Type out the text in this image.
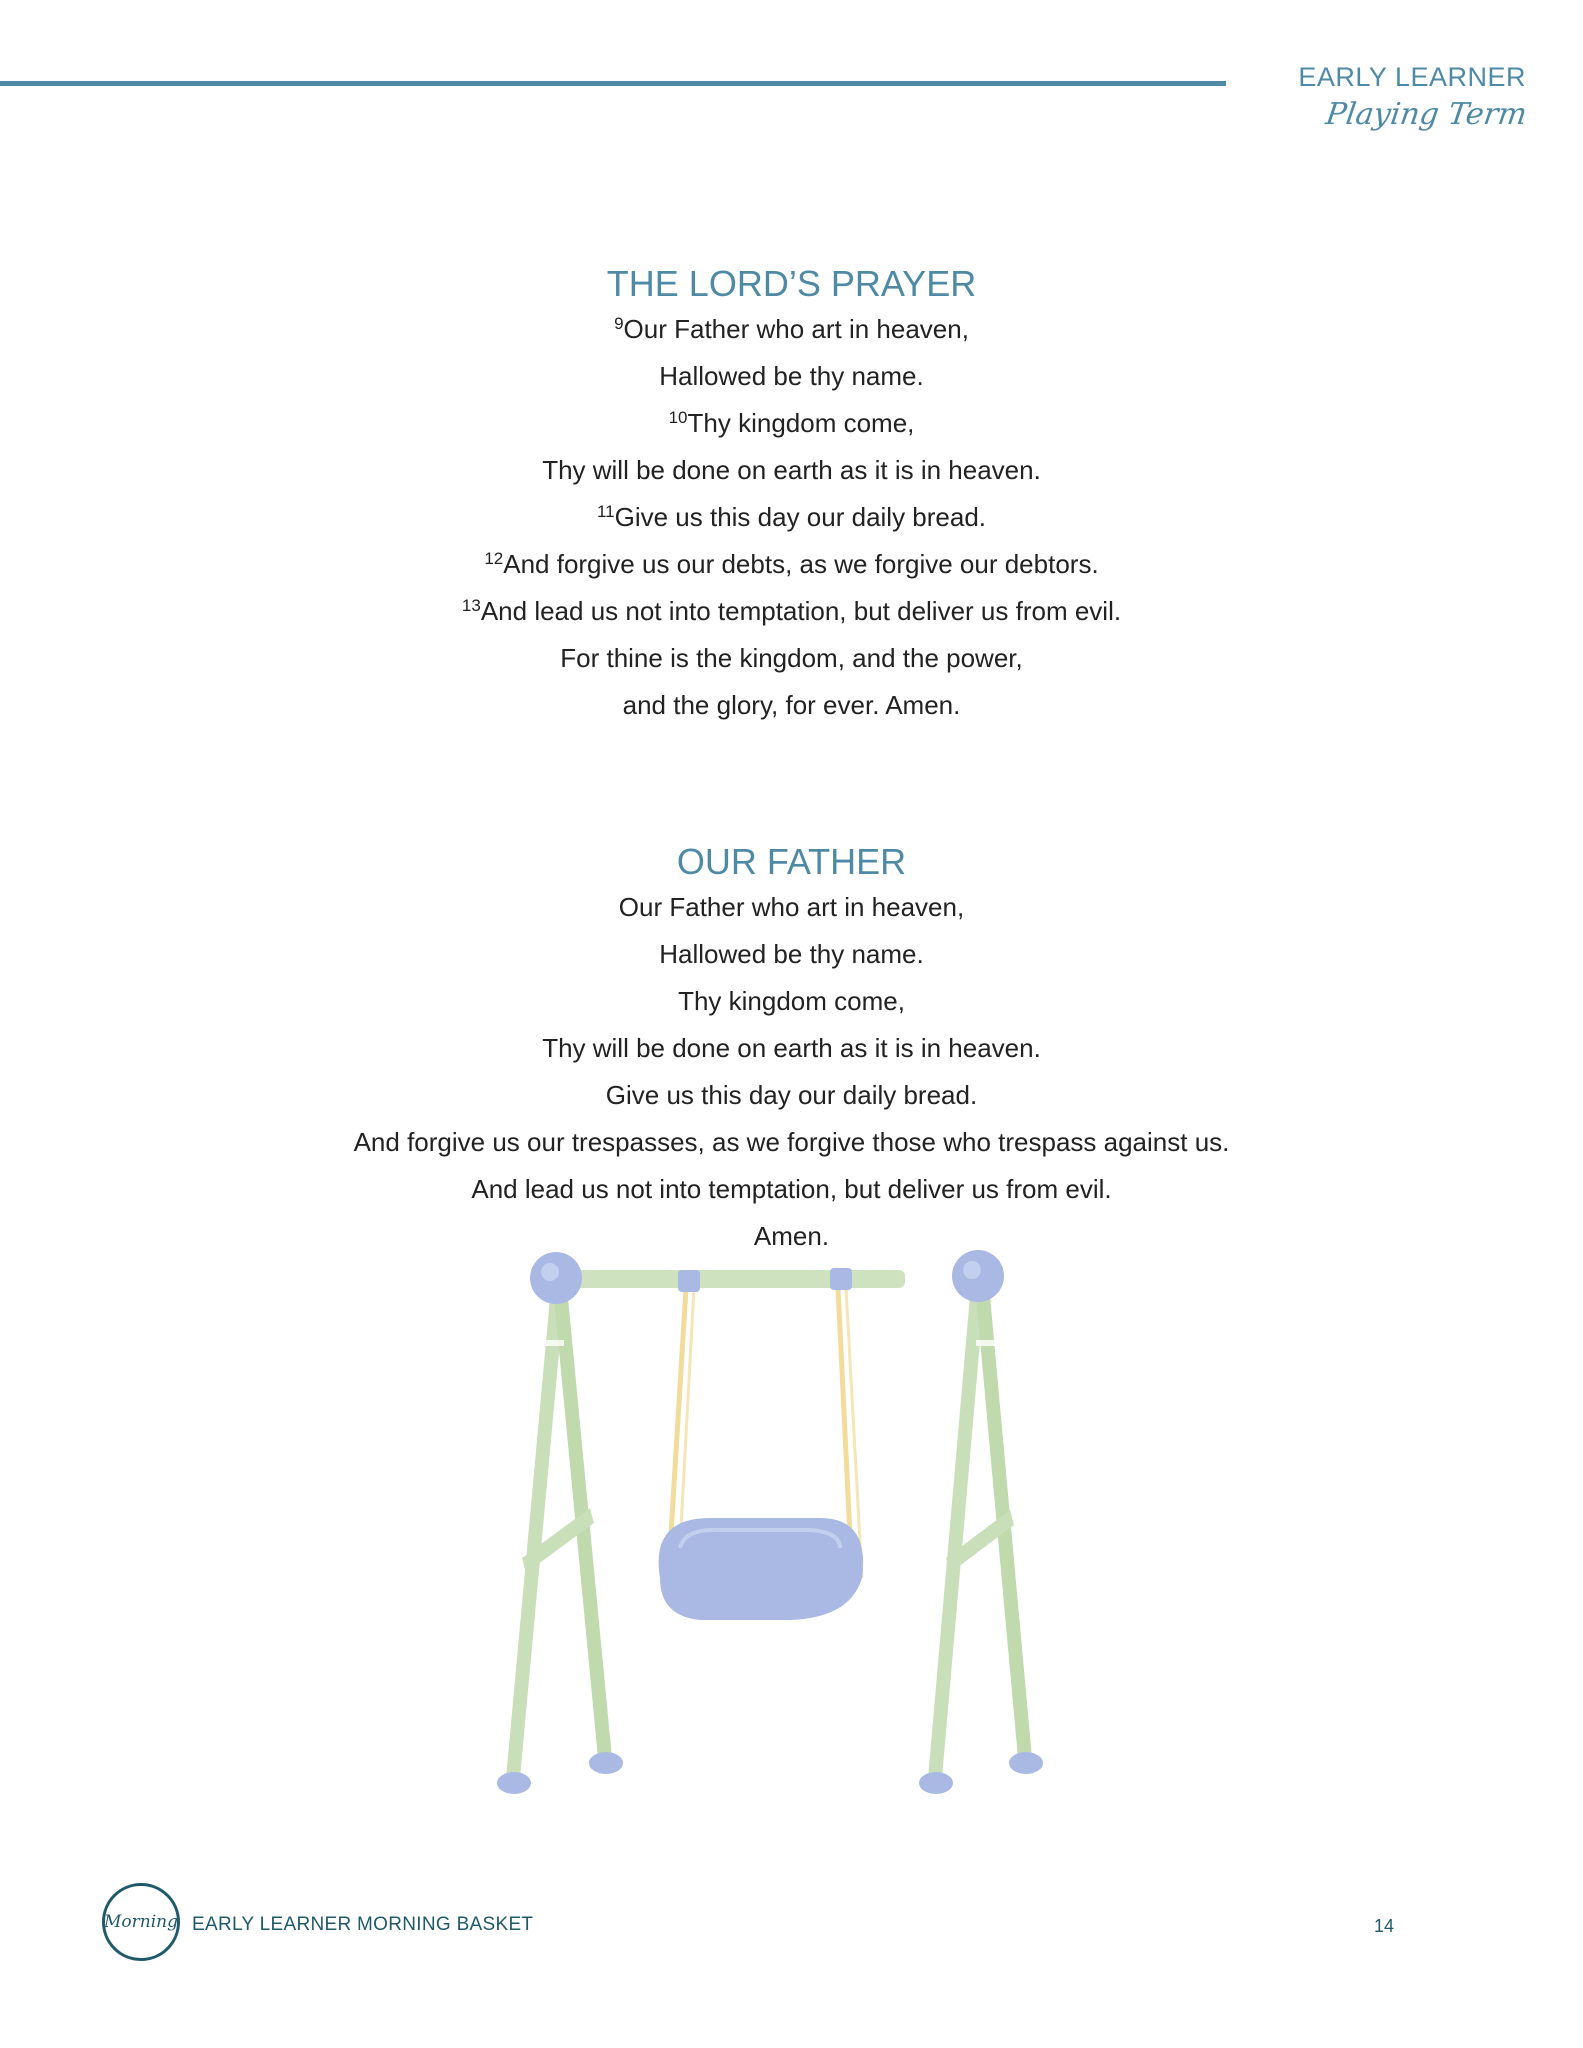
EARLY LEARNER
Playing Term
THE LORD’S PRAYER
$^9$Our Father who art in heaven,
Hallowed be thy name.
$^{10}$Thy kingdom come,
Thy will be done on earth as it is in heaven.
$^{11}$Give us this day our daily bread.
$^{12}$And forgive us our debts, as we forgive our debtors.
$^{13}$And lead us not into temptation, but deliver us from evil.
For thine is the kingdom, and the power,
and the glory, for ever. Amen.
OUR FATHER
Our Father who art in heaven,
Hallowed be thy name.
Thy kingdom come,
Thy will be done on earth as it is in heaven.
Give us this day our daily bread.
And forgive us our trespasses, as we forgive those who trespass against us.
And lead us not into temptation, but deliver us from evil.
Amen.
Morning EARLY LEARNER MORNING BASKET	14
